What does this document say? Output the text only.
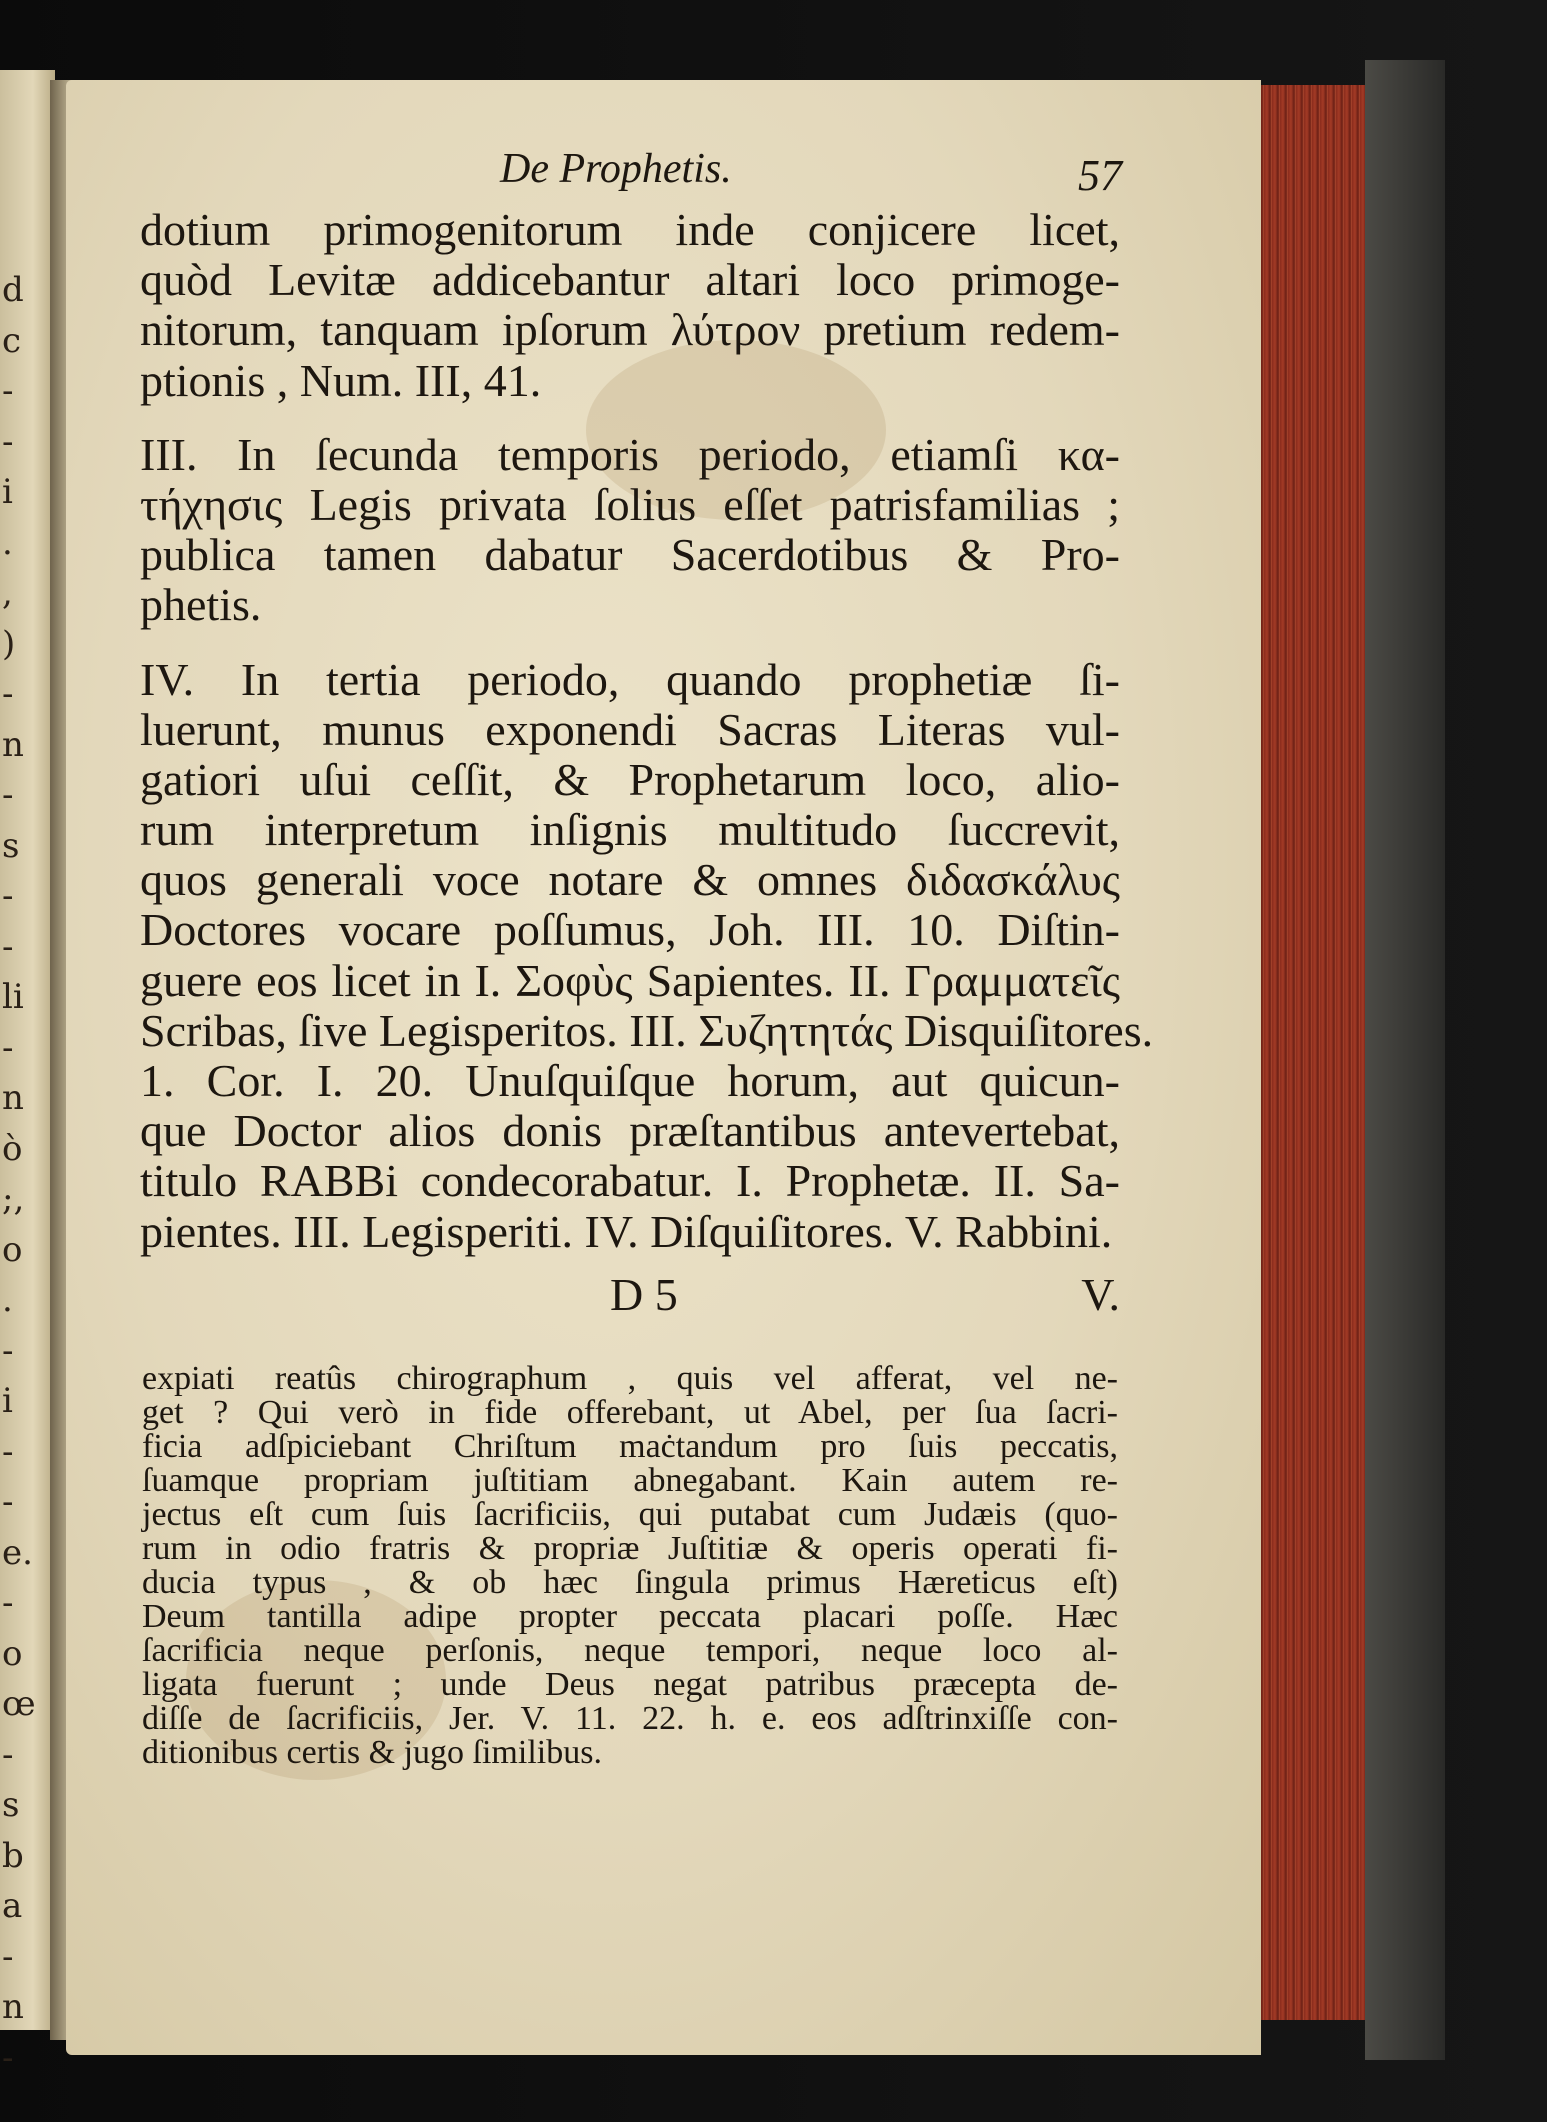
d
c
-
-
i
.
,
)
-
n
-
s
-
-
li
-
n
ò
;,
o
.
-
i
-
-
e.
-
o
œ
-
s
b
a
-
n
-
De Prophetis.	57
dotium primogenitorum inde conjicere licet,
quòd Levitæ addicebantur altari loco primoge-
nitorum, tanquam ipſorum λύτρον pretium redem-
ptionis , Num. III, 41.
III. In ſecunda temporis periodo, etiamſi κα-
τήχησις Legis privata ſolius eſſet patrisfamilias ;
publica tamen dabatur Sacerdotibus & Pro-
phetis.
IV. In tertia periodo, quando prophetiæ ſi-
luerunt, munus exponendi Sacras Literas vul-
gatiori uſui ceſſit, & Prophetarum loco, alio-
rum interpretum inſignis multitudo ſuccrevit,
quos generali voce notare & omnes διδασκάλυς
Doctores vocare poſſumus, Joh. III. 10. Diſtin-
guere eos licet in I. Σοφὺς Sapientes. II. Γραμματεῖς
Scribas, ſive Legisperitos. III. Συζητητάς Disquiſitores.
1. Cor. I. 20. Unuſquiſque horum, aut quicun-
que Doctor alios donis præſtantibus antevertebat,
titulo RABBi condecorabatur. I. Prophetæ. II. Sa-
pientes. III. Legisperiti. IV. Diſquiſitores. V. Rabbini.
D 5	V.
expiati reatûs chirographum , quis vel afferat, vel ne-
get ? Qui verò in fide offerebant, ut Abel, per ſua ſacri-
ficia adſpiciebant Chriſtum maċtandum pro ſuis peccatis,
ſuamque propriam juſtitiam abnegabant. Kain autem re-
jectus eſt cum ſuis ſacrificiis, qui putabat cum Judæis (quo-
rum in odio fratris & propriæ Juſtitiæ & operis operati fi-
ducia typus , & ob hæc ſingula primus Hæreticus eſt)
Deum tantilla adipe propter peccata placari poſſe. Hæc
ſacrificia neque perſonis, neque tempori, neque loco al-
ligata fuerunt ; unde Deus negat patribus præcepta de-
diſſe de ſacrificiis, Jer. V. 11. 22. h. e. eos adſtrinxiſſe con-
ditionibus certis & jugo ſimilibus.
